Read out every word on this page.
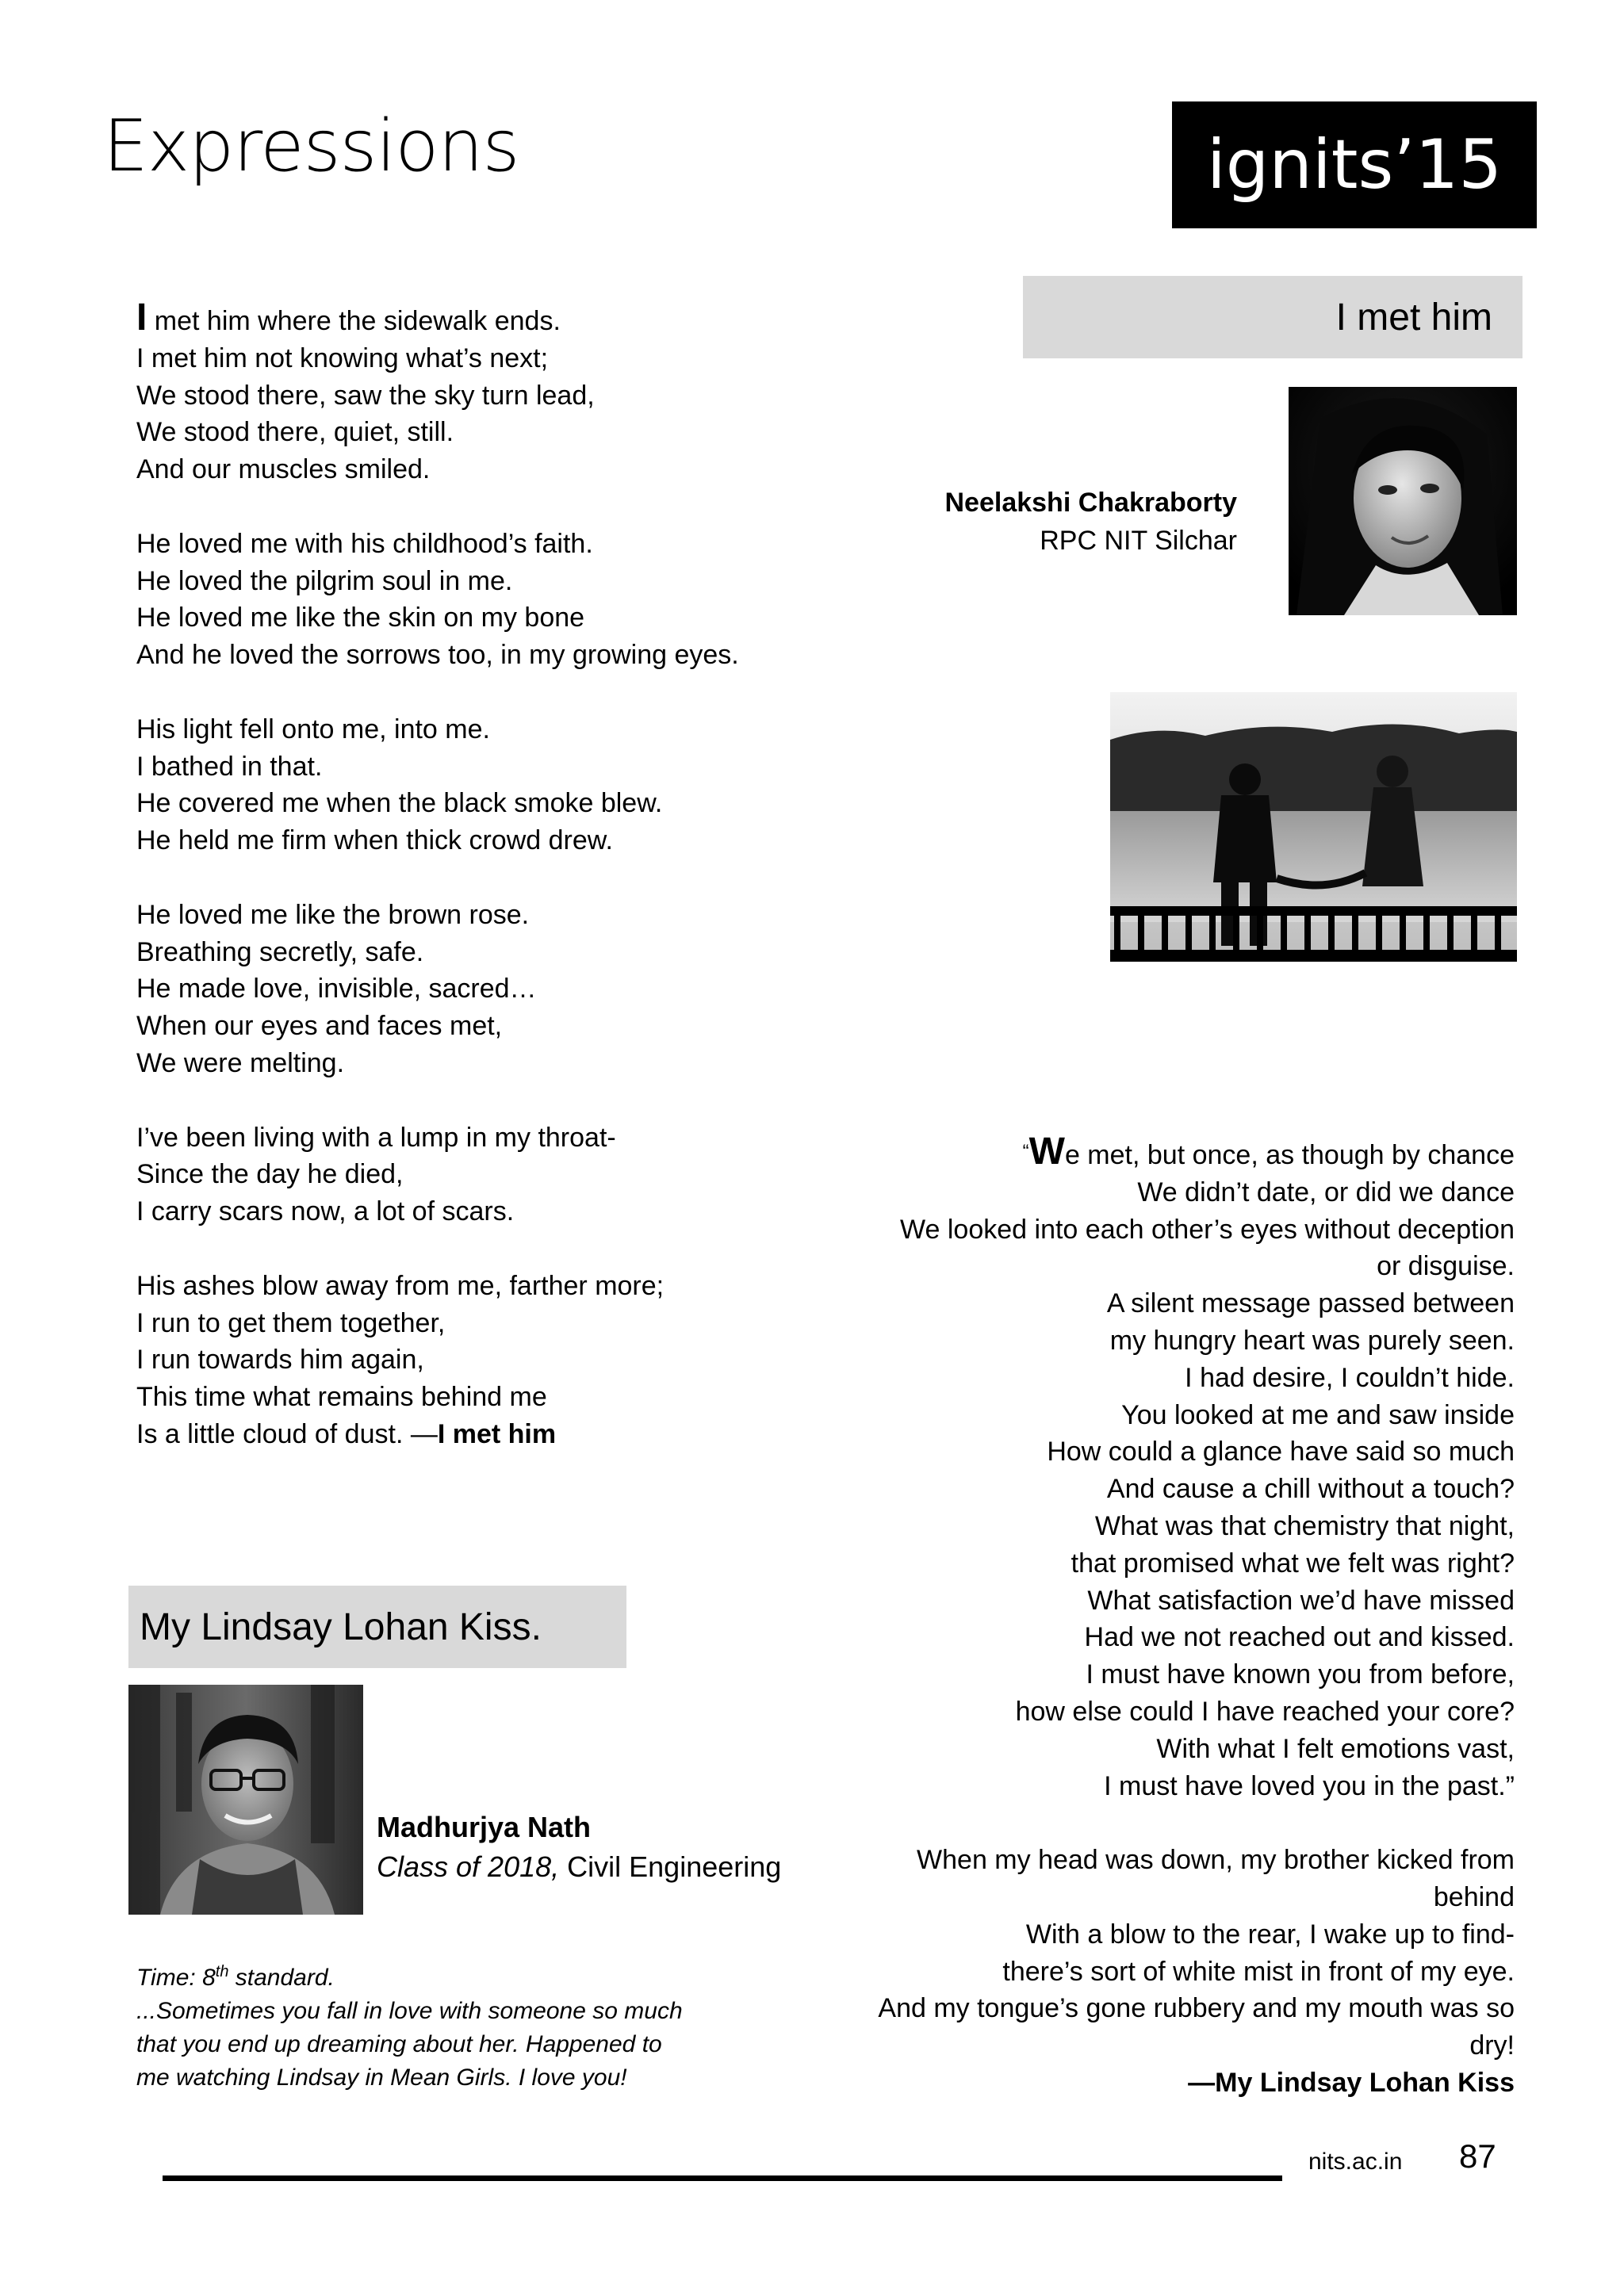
Expressions	ignits’15
I met him
Neelakshi Chakraborty
RPC NIT Silchar
I met him where the sidewalk ends.
I met him not knowing what’s next;
We stood there, saw the sky turn lead,
We stood there, quiet, still.
And our muscles smiled.
He loved me with his childhood’s faith.
He loved the pilgrim soul in me.
He loved me like the skin on my bone
And he loved the sorrows too, in my growing eyes.
His light fell onto me, into me.
I bathed in that.
He covered me when the black smoke blew.
He held me firm when thick crowd drew.
He loved me like the brown rose.
Breathing secretly, safe.
He made love, invisible, sacred…
When our eyes and faces met,
We were melting.
I’ve been living with a lump in my throat-
Since the day he died,
I carry scars now, a lot of scars.
His ashes blow away from me, farther more;
I run to get them together,
I run towards him again,
This time what remains behind me
Is a little cloud of dust. —I met him
My Lindsay Lohan Kiss.
Madhurjya Nath
Class of 2018, Civil Engineering
Time: 8th standard.
...Sometimes you fall in love with someone so much
that you end up dreaming about her. Happened to
me watching Lindsay in Mean Girls. I love you!
“We met, but once, as though by chance
We didn’t date, or did we dance
We looked into each other’s eyes without deception
or disguise.
A silent message passed between
my hungry heart was purely seen.
I had desire, I couldn’t hide.
You looked at me and saw inside
How could a glance have said so much
And cause a chill without a touch?
What was that chemistry that night,
that promised what we felt was right?
What satisfaction we’d have missed
Had we not reached out and kissed.
I must have known you from before,
how else could I have reached your core?
With what I felt emotions vast,
I must have loved you in the past.”
When my head was down, my brother kicked from
behind
With a blow to the rear, I wake up to find-
there’s sort of white mist in front of my eye.
And my tongue’s gone rubbery and my mouth was so
dry!
—My Lindsay Lohan Kiss
nits.ac.in 87
